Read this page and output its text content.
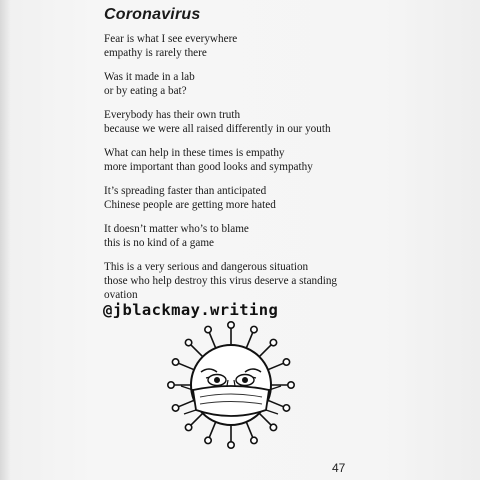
Coronavirus
Fear is what I see everywhere
empathy is rarely there
Was it made in a lab
or by eating a bat?
Everybody has their own truth
because we were all raised differently in our youth
What can help in these times is empathy
more important than good looks and sympathy
It’s spreading faster than anticipated
Chinese people are getting more hated
It doesn’t matter who’s to blame
this is no kind of a game
This is a very serious and dangerous situation
those who help destroy this virus deserve a standing
ovation
@jblackmay.writing
47
